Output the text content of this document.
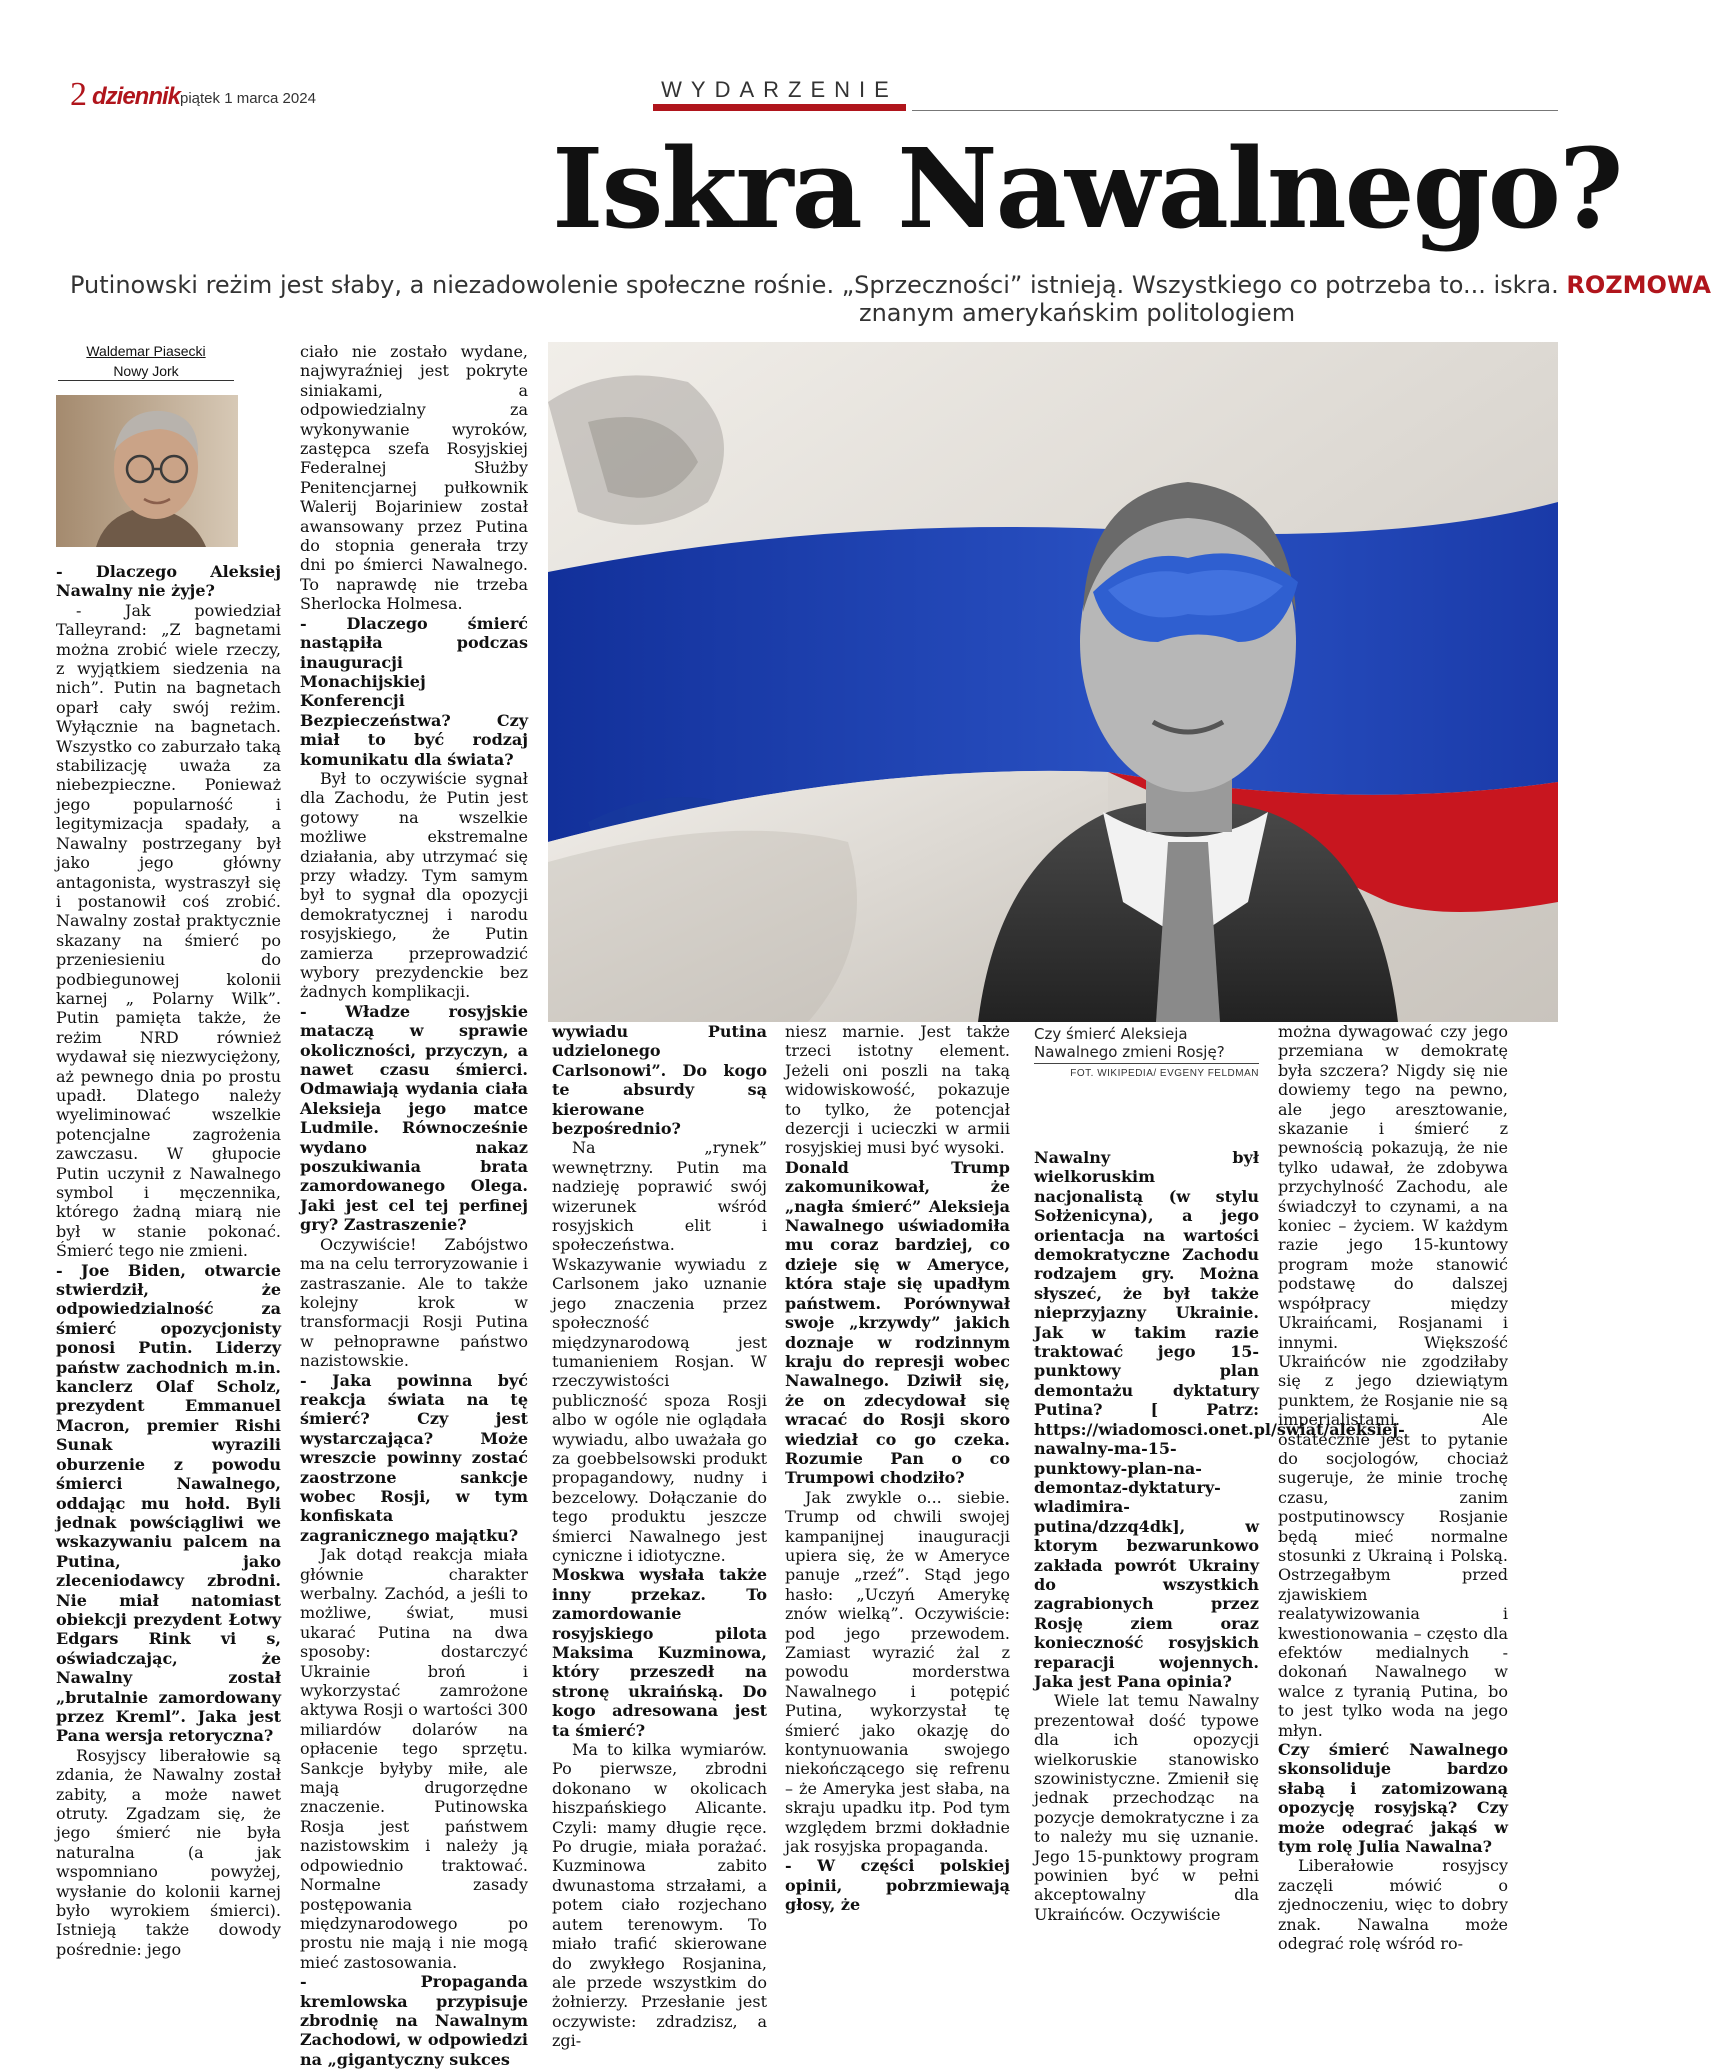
2 dziennik piątek 1 marca 2024	WYDARZENIE
Iskra Nawalnego?
Putinowski reżim jest słaby, a niezadowolenie społeczne rośnie. „Sprzeczności” istnieją. Wszystkiego co potrzeba to... iskra. ROZMOWA
znanym amerykańskim politologiem
Waldemar Piasecki
Nowy Jork
Czy śmierć Aleksieja Nawalnego zmieni Rosję?
FOT. WIKIPEDIA/ EVGENY FELDMAN

- Dlaczego Aleksiej Nawalny nie żyje?

- Jak powiedział Talleyrand: „Z bagnetami można zrobić wiele rzeczy, z wyjątkiem siedzenia na nich”. Putin na bagnetach oparł cały swój reżim. Wyłącznie na bagnetach. Wszystko co zaburzało taką stabilizację uważa za niebezpieczne. Ponieważ jego popularność i legitymizacja spadały, a Nawalny postrzegany był jako jego główny antagonista, wystraszył się i postanowił coś zrobić. Nawalny został praktycznie skazany na śmierć po przeniesieniu do podbiegunowej kolonii karnej „ Polarny Wilk”. Putin pamięta także, że reżim NRD również wydawał się niezwyciężony, aż pewnego dnia po prostu upadł. Dlatego należy wyeliminować wszelkie potencjalne zagrożenia zawczasu. W głupocie Putin uczynił z Nawalnego symbol i męczennika, którego żadną miarą nie był w stanie pokonać. Śmierć tego nie zmieni.

- Joe Biden, otwarcie stwierdził, że odpowiedzialność za śmierć opozycjonisty ponosi Putin. Liderzy państw zachodnich m.in. kanclerz Olaf Scholz, prezydent Emmanuel Macron, premier Rishi Sunak wyrazili oburzenie z powodu śmierci Nawalnego, oddając mu hołd. Byli jednak powściągliwi we wskazywaniu palcem na Putina, jako zleceniodawcy zbrodni. Nie miał natomiast obiekcji prezydent Łotwy Edgars Rink vi s, oświadczając, że Nawalny został „brutalnie zamordowany przez Kreml”. Jaka jest Pana wersja retoryczna?

Rosyjscy liberałowie są zdania, że Nawalny został zabity, a może nawet otruty. Zgadzam się, że jego śmierć nie była naturalna (a jak wspomniano powyżej, wysłanie do kolonii karnej było wyrokiem śmierci). Istnieją także dowody pośrednie: jego

ciało nie zostało wydane, najwyraźniej jest pokryte siniakami, a odpowiedzialny za wykonywanie wyroków, zastępca szefa Rosyjskiej Federalnej Służby Penitencjarnej pułkownik Walerij Bojariniew został awansowany przez Putina do stopnia generała trzy dni po śmierci Nawalnego. To naprawdę nie trzeba Sherlocka Holmesa.

- Dlaczego śmierć nastąpiła podczas inauguracji Monachijskiej Konferencji Bezpieczeństwa? Czy miał to być rodzaj komunikatu dla świata?

Był to oczywiście sygnał dla Zachodu, że Putin jest gotowy na wszelkie możliwe ekstremalne działania, aby utrzymać się przy władzy. Tym samym był to sygnał dla opozycji demokratycznej i narodu rosyjskiego, że Putin zamierza przeprowadzić wybory prezydenckie bez żadnych komplikacji.

- Władze rosyjskie mataczą w sprawie okoliczności, przyczyn, a nawet czasu śmierci. Odmawiają wydania ciała Aleksieja jego matce Ludmile. Równocześnie wydano nakaz poszukiwania brata zamordowanego Olega. Jaki jest cel tej perfinej gry? Zastraszenie?

Oczywiście! Zabójstwo ma na celu terroryzowanie i zastraszanie. Ale to także kolejny krok w transformacji Rosji Putina w pełnoprawne państwo nazistowskie.

- Jaka powinna być reakcja świata na tę śmierć? Czy jest wystarczająca? Może wreszcie powinny zostać zaostrzone sankcje wobec Rosji, w tym konfiskata zagranicznego majątku?

Jak dotąd reakcja miała głównie charakter werbalny. Zachód, a jeśli to możliwe, świat, musi ukarać Putina na dwa sposoby: dostarczyć Ukrainie broń i wykorzystać zamrożone aktywa Rosji o wartości 300 miliardów dolarów na opłacenie tego sprzętu. Sankcje byłyby miłe, ale mają drugorzędne znaczenie. Putinowska Rosja jest państwem nazistowskim i należy ją odpowiednio traktować. Normalne zasady postępowania międzynarodowego po prostu nie mają i nie mogą mieć zastosowania.

- Propaganda kremlowska przypisuje zbrodnię na Nawalnym Zachodowi, w odpowiedzi na „gigantyczny sukces

wywiadu Putina udzielonego Carlsonowi”. Do kogo te absurdy są kierowane bezpośrednio?

Na „rynek” wewnętrzny. Putin ma nadzieję poprawić swój wizerunek wśród rosyjskich elit i społeczeństwa. Wskazywanie wywiadu z Carlsonem jako uznanie jego znaczenia przez społeczność międzynarodową jest tumanieniem Rosjan. W rzeczywistości publiczność spoza Rosji albo w ogóle nie oglądała wywiadu, albo uważała go za goebbelsowski produkt propagandowy, nudny i bezcelowy. Dołączanie do tego produktu jeszcze śmierci Nawalnego jest cyniczne i idiotyczne.

Moskwa wysłała także inny przekaz. To zamordowanie rosyjskiego pilota Maksima Kuzminowa, który przeszedł na stronę ukraińską. Do kogo adresowana jest ta śmierć?

Ma to kilka wymiarów. Po pierwsze, zbrodni dokonano w okolicach hiszpańskiego Alicante. Czyli: mamy długie ręce. Po drugie, miała porażać. Kuzminowa zabito dwunastoma strzałami, a potem ciało rozjechano autem terenowym. To miało trafić skierowane do zwykłego Rosjanina, ale przede wszystkim do żołnierzy. Przesłanie jest oczywiste: zdradzisz, a zgi-

niesz marnie. Jest także trzeci istotny element. Jeżeli oni poszli na taką widowiskowość, pokazuje to tylko, że potencjał dezercji i ucieczki w armii rosyjskiej musi być wysoki.

Donald Trump zakomunikował, że „nagła śmierć” Aleksieja Nawalnego uświadomiła mu coraz bardziej, co dzieje się w Ameryce, która staje się upadłym państwem. Porównywał swoje „krzywdy” jakich doznaje w rodzinnym kraju do represji wobec Nawalnego. Dziwił się, że on zdecydował się wracać do Rosji skoro wiedział co go czeka. Rozumie Pan o co Trumpowi chodziło?

Jak zwykle o... siebie. Trump od chwili swojej kampanijnej inauguracji upiera się, że w Ameryce panuje „rzeź”. Stąd jego hasło: „Uczyń Amerykę znów wielką”. Oczywiście: pod jego przewodem. Zamiast wyrazić żal z powodu morderstwa Nawalnego i potępić Putina, wykorzystał tę śmierć jako okazję do kontynuowania swojego niekończącego się refrenu – że Ameryka jest słaba, na skraju upadku itp. Pod tym względem brzmi dokładnie jak rosyjska propaganda.

- W części polskiej opinii, pobrzmiewają głosy, że

Nawalny był wielkoruskim nacjonalistą (w stylu Sołżenicyna), a jego orientacja na wartości demokratyczne Zachodu rodzajem gry. Można słyszeć, że był także nieprzyjazny Ukrainie. Jak w takim razie traktować jego 15-punktowy plan demontażu dyktatury Putina? [ Patrz: https://wiadomosci.onet.pl/swiat/aleksiej-nawalny-ma-15-punktowy-plan-na-demontaz-dyktatury-wladimira-putina/dzzq4dk], w ktorym bezwarunkowo zakłada powrót Ukrainy do wszystkich zagrabionych przez Rosję ziem oraz konieczność rosyjskich reparacji wojennych. Jaka jest Pana opinia?

Wiele lat temu Nawalny prezentował dość typowe dla ich opozycji wielkoruskie stanowisko szowinistyczne. Zmienił się jednak przechodząc na pozycje demokratyczne i za to należy mu się uznanie. Jego 15-punktowy program powinien być w pełni akceptowalny dla Ukraińców. Oczywiście

można dywagować czy jego przemiana w demokratę była szczera? Nigdy się nie dowiemy tego na pewno, ale jego aresztowanie, skazanie i śmierć z pewnością pokazują, że nie tylko udawał, że zdobywa przychylność Zachodu, ale świadczył to czynami, a na koniec – życiem. W każdym razie jego 15-kuntowy program może stanowić podstawę do dalszej współpracy między Ukraińcami, Rosjanami i innymi. Większość Ukraińców nie zgodziłaby się z jego dziewiątym punktem, że Rosjanie nie są imperialistami. Ale ostatecznie jest to pytanie do socjologów, chociaż sugeruje, że minie trochę czasu, zanim postputinowscy Rosjanie będą mieć normalne stosunki z Ukrainą i Polską. Ostrzegałbym przed zjawiskiem realatywizowania i kwestionowania – często dla efektów medialnych - dokonań Nawalnego w walce z tyranią Putina, bo to jest tylko woda na jego młyn.

Czy śmierć Nawalnego skonsoliduje bardzo słabą i zatomizowaną opozycję rosyjską? Czy może odegrać jakąś w tym rolę Julia Nawalna?

Liberałowie rosyjscy zaczęli mówić o zjednoczeniu, więc to dobry znak. Nawalna może odegrać rolę wśród ro-
